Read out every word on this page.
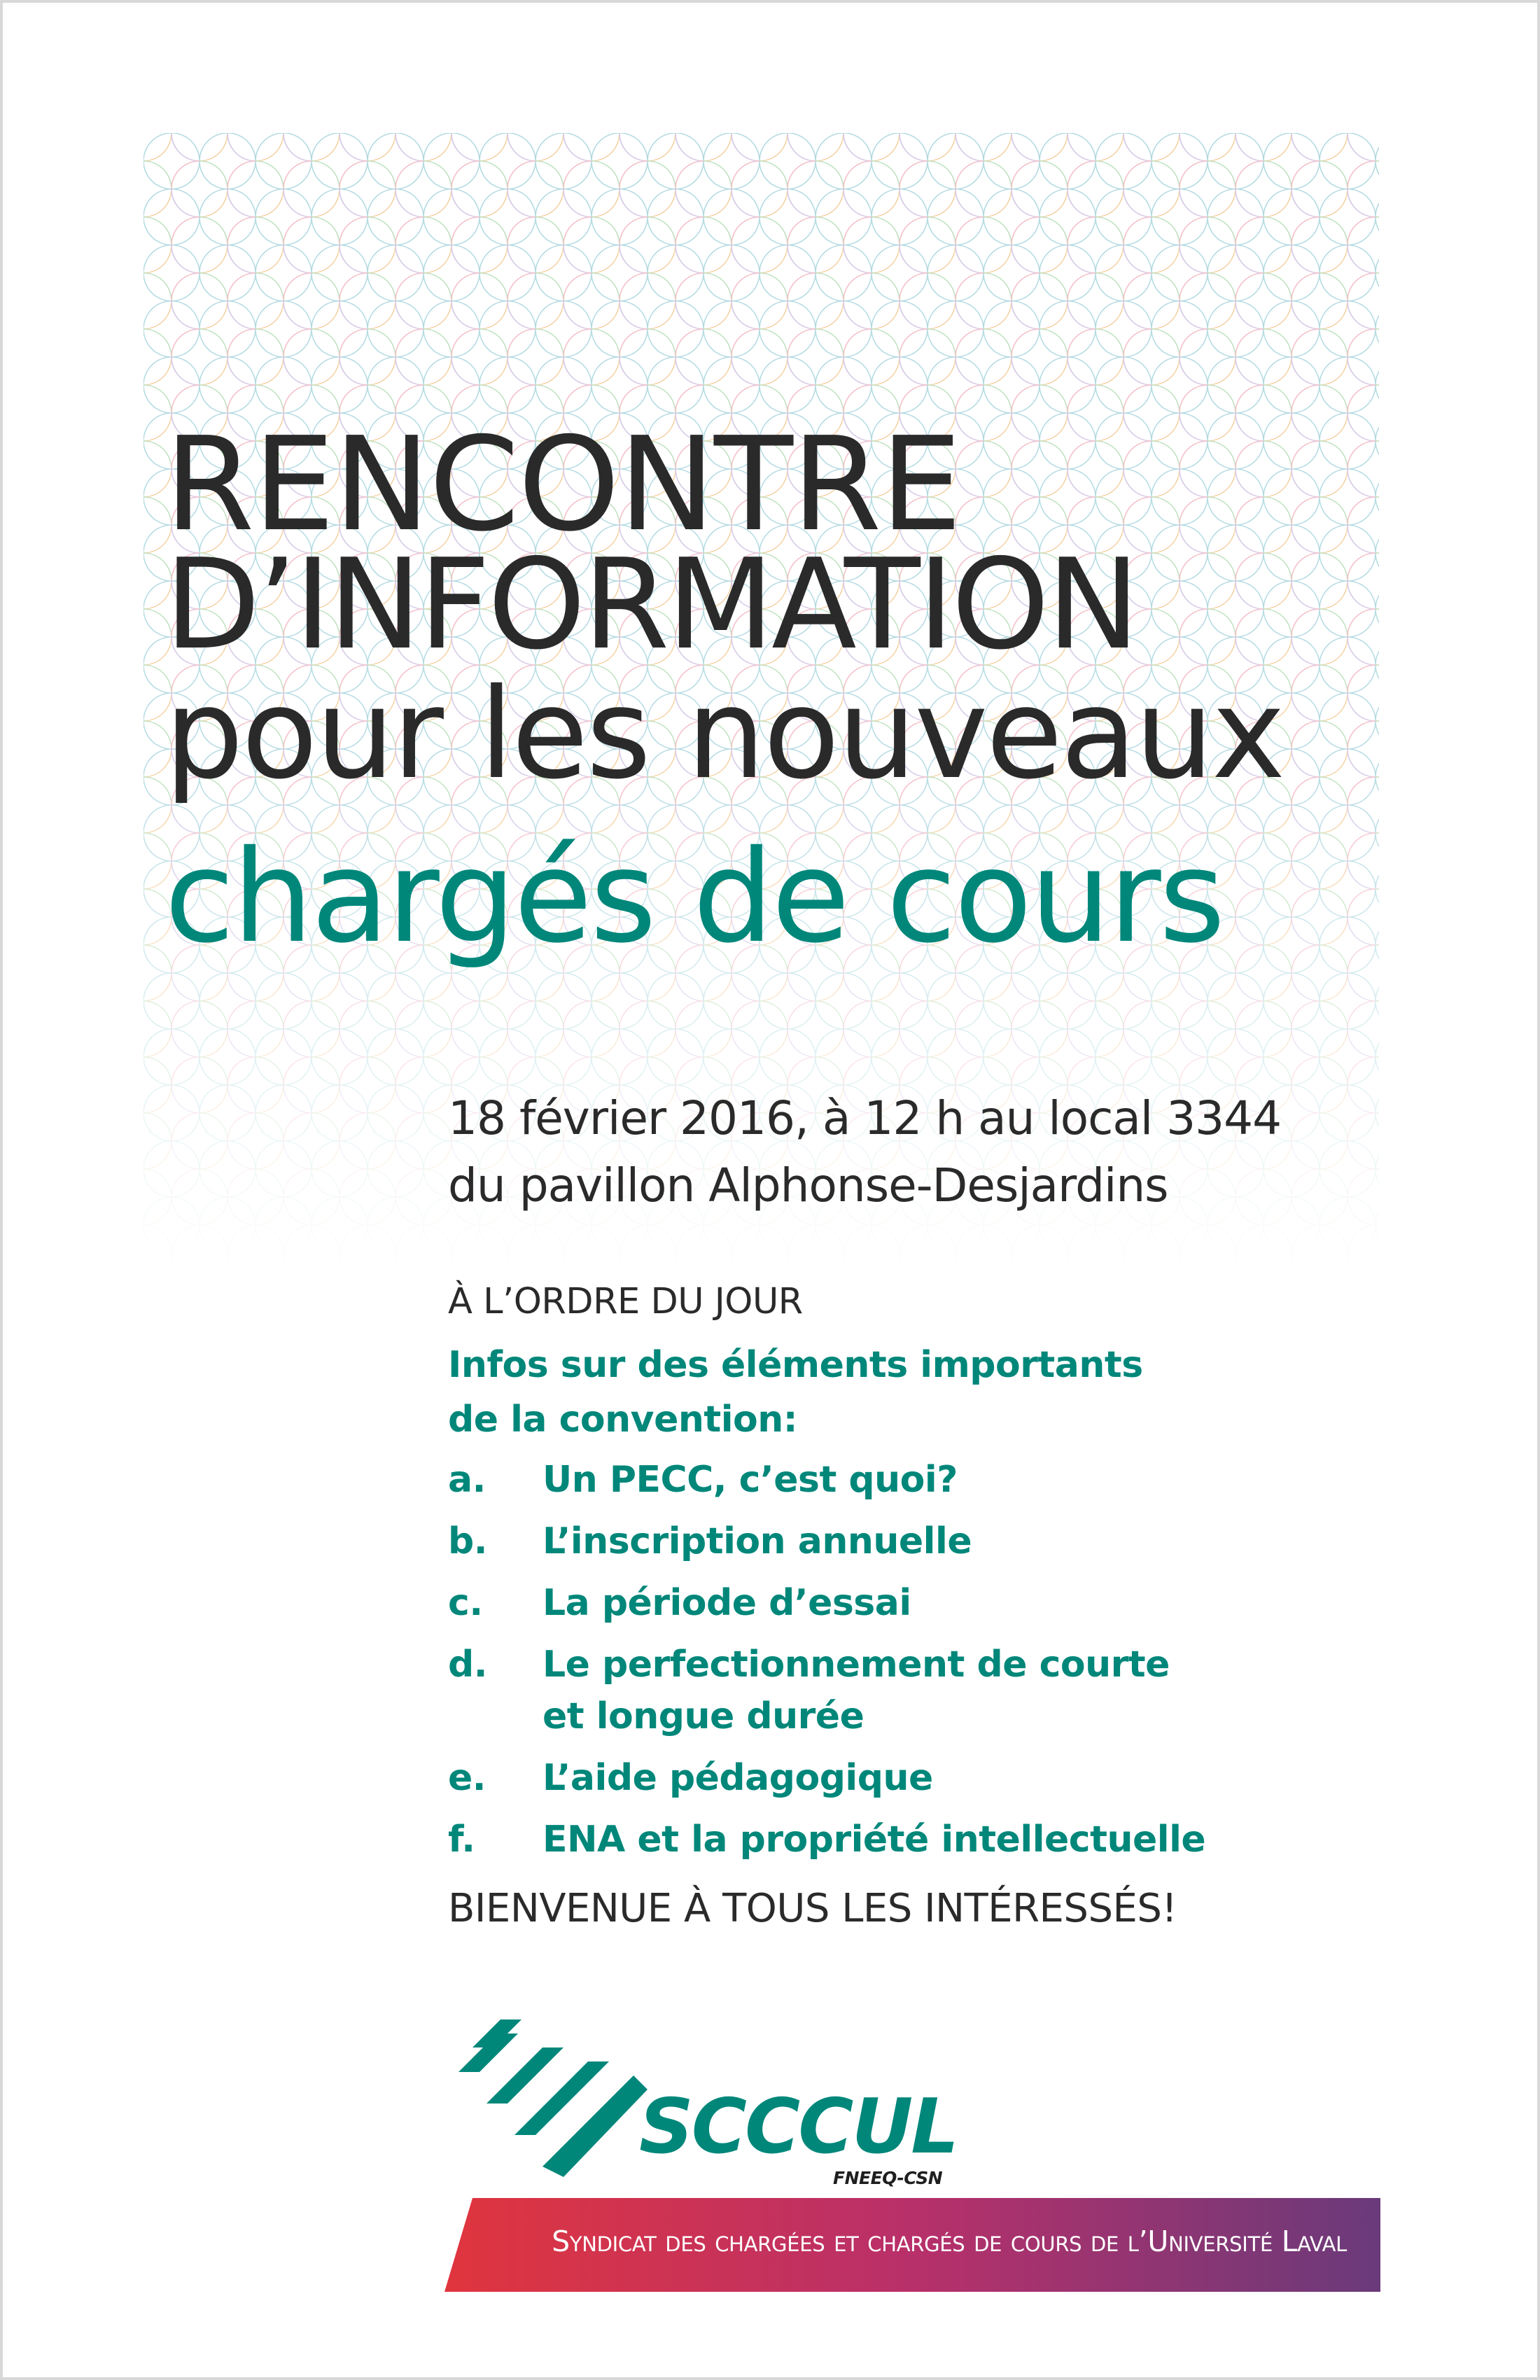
RENCONTRE
D’INFORMATION
pour les nouveaux
chargés de cours
18 février 2016, à 12 h au local 3344
du pavillon Alphonse-Desjardins
À L’ORDRE DU JOUR
Infos sur des éléments importants de la convention:
a.	Un PECC, c’est quoi?
b.	L’inscription annuelle
c.	La période d’essai
d.	Le perfectionnement de courte
et longue durée
e.	L’aide pédagogique
f.	ENA et la propriété intellectuelle
BIENVENUE À TOUS LES INTÉRESSÉS!
SCCCUL
FNEEQ-CSN
Syndicat des chargées et chargés de cours de l’Université Laval
